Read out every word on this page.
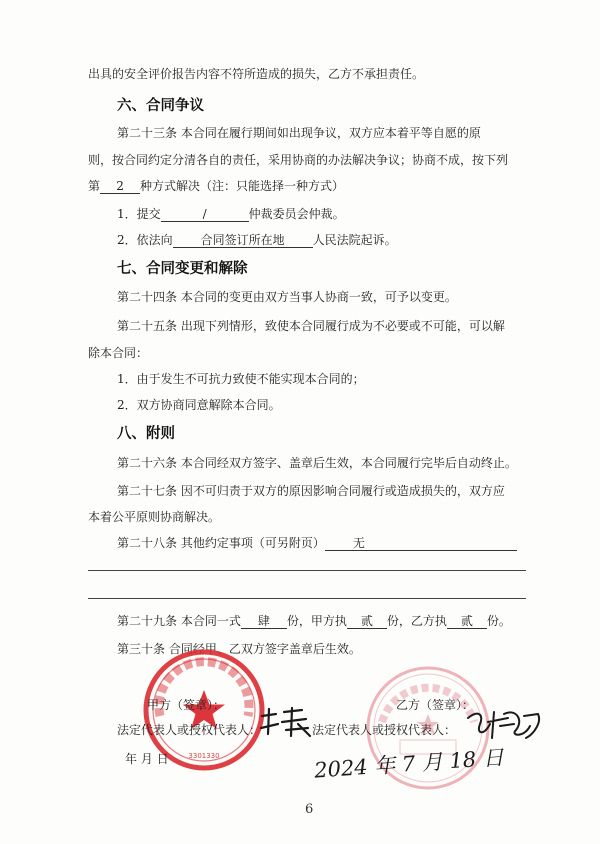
出具的安全评价报告内容不符所造成的损失，乙方不承担责任。
六、合同争议
第二十三条 本合同在履行期间如出现争议，双方应本着平等自愿的原
则，按合同约定分清各自的责任，采用协商的办法解决争议；协商不成，按下列
第 2 种方式解决（注：只能选择一种方式）
1．提交	/	仲裁委员会仲裁。
2．依法向 合同签订所在地 人民法院起诉。
七、合同变更和解除
第二十四条 本合同的变更由双方当事人协商一致，可予以变更。
第二十五条 出现下列情形，致使本合同履行成为不必要或不可能，可以解
除本合同：
1．由于发生不可抗力致使不能实现本合同的；
2．双方协商同意解除本合同。
八、附则
第二十六条 本合同经双方签字、盖章后生效，本合同履行完毕后自动终止。
第二十七条 因不可归责于双方的原因影响合同履行或造成损失的，双方应
本着公平原则协商解决。
第二十八条 其他约定事项（可另附页） 无
第二十九条 本合同一式 肆 份，甲方执 贰 份，乙方执 贰 份。
第三十条 合同经甲、乙双方签字盖章后生效。
3301330
甲方（签章）：	乙方（签章）：
法定代表人或授权代表人：	法定代表人或授权代表人：
年 月 日	2024 年 7 月 18 日
6
